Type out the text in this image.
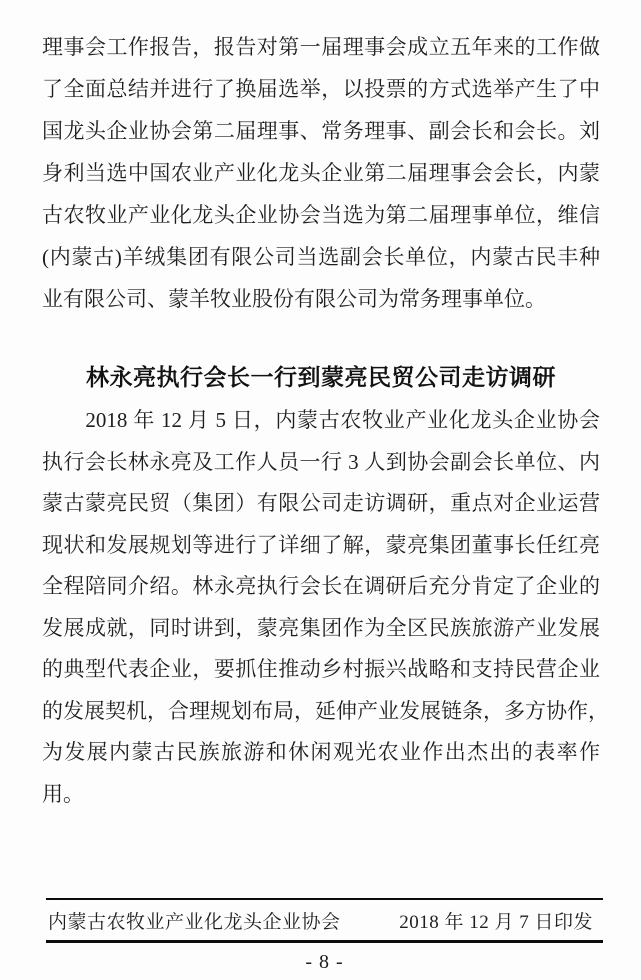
理事会工作报告，报告对第一届理事会成立五年来的工作做
了全面总结并进行了换届选举，以投票的方式选举产生了中
国龙头企业协会第二届理事、常务理事、副会长和会长。刘
身利当选中国农业产业化龙头企业第二届理事会会长，内蒙
古农牧业产业化龙头企业协会当选为第二届理事单位，维信
(内蒙古)羊绒集团有限公司当选副会长单位，内蒙古民丰种
业有限公司、蒙羊牧业股份有限公司为常务理事单位。
林永亮执行会长一行到蒙亮民贸公司走访调研
　　2018 年 12 月 5 日，内蒙古农牧业产业化龙头企业协会
执行会长林永亮及工作人员一行 3 人到协会副会长单位、内
蒙古蒙亮民贸（集团）有限公司走访调研，重点对企业运营
现状和发展规划等进行了详细了解，蒙亮集团董事长任红亮
全程陪同介绍。林永亮执行会长在调研后充分肯定了企业的
发展成就，同时讲到，蒙亮集团作为全区民族旅游产业发展
的典型代表企业，要抓住推动乡村振兴战略和支持民营企业
的发展契机，合理规划布局，延伸产业发展链条，多方协作，
为发展内蒙古民族旅游和休闲观光农业作出杰出的表率作
用。
内蒙古农牧业产业化龙头企业协会	2018 年 12 月 7 日印发
- 8 -
